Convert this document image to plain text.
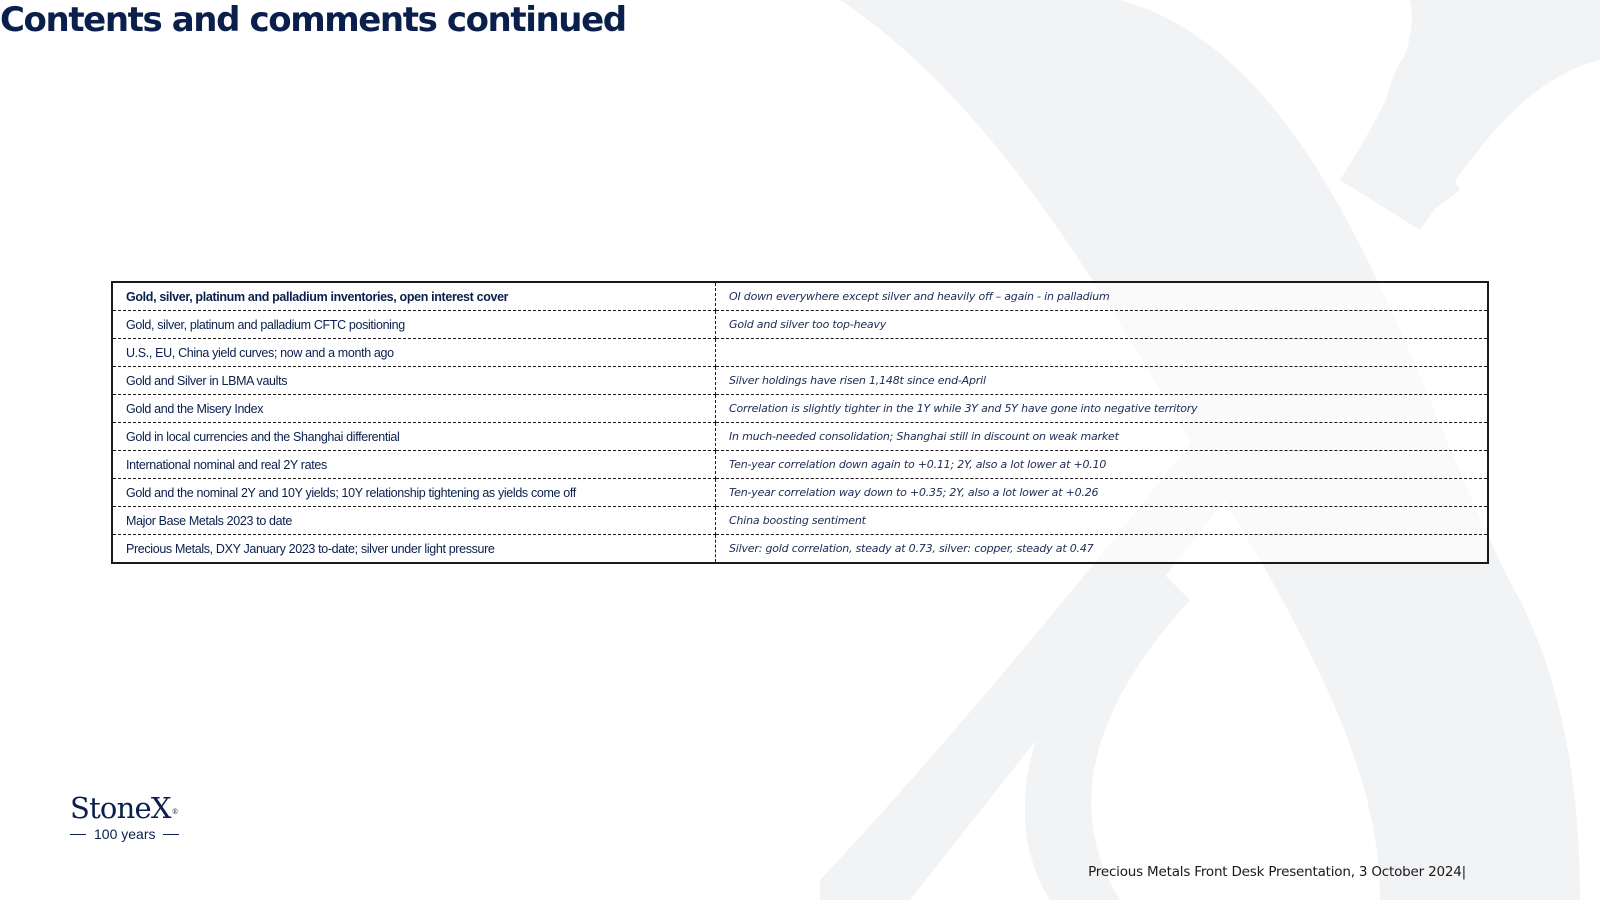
Contents and comments continued
Gold, silver, platinum and palladium inventories, open interest cover	OI down everywhere except silver and heavily off – again - in palladium
Gold, silver, platinum and palladium CFTC positioning	Gold and silver too top-heavy
U.S., EU, China yield curves; now and a month ago	
Gold and Silver in LBMA vaults	Silver holdings have risen 1,148t since end-April
Gold and the Misery Index	Correlation is slightly tighter in the 1Y while 3Y and 5Y have gone into negative territory
Gold in local currencies and the Shanghai differential	In much-needed consolidation; Shanghai still in discount on weak market
International nominal and real 2Y rates	Ten-year correlation down again to +0.11; 2Y, also a lot lower at +0.10
Gold and the nominal 2Y and 10Y yields; 10Y relationship tightening as yields come off	Ten-year correlation way down to +0.35; 2Y, also a lot lower at +0.26
Major Base Metals 2023 to date	China boosting sentiment
Precious Metals, DXY January 2023 to-date; silver under light pressure	Silver: gold correlation, steady at 0.73, silver: copper, steady at 0.47
StoneX®
100 years
Precious Metals Front Desk Presentation, 3 October 2024|
